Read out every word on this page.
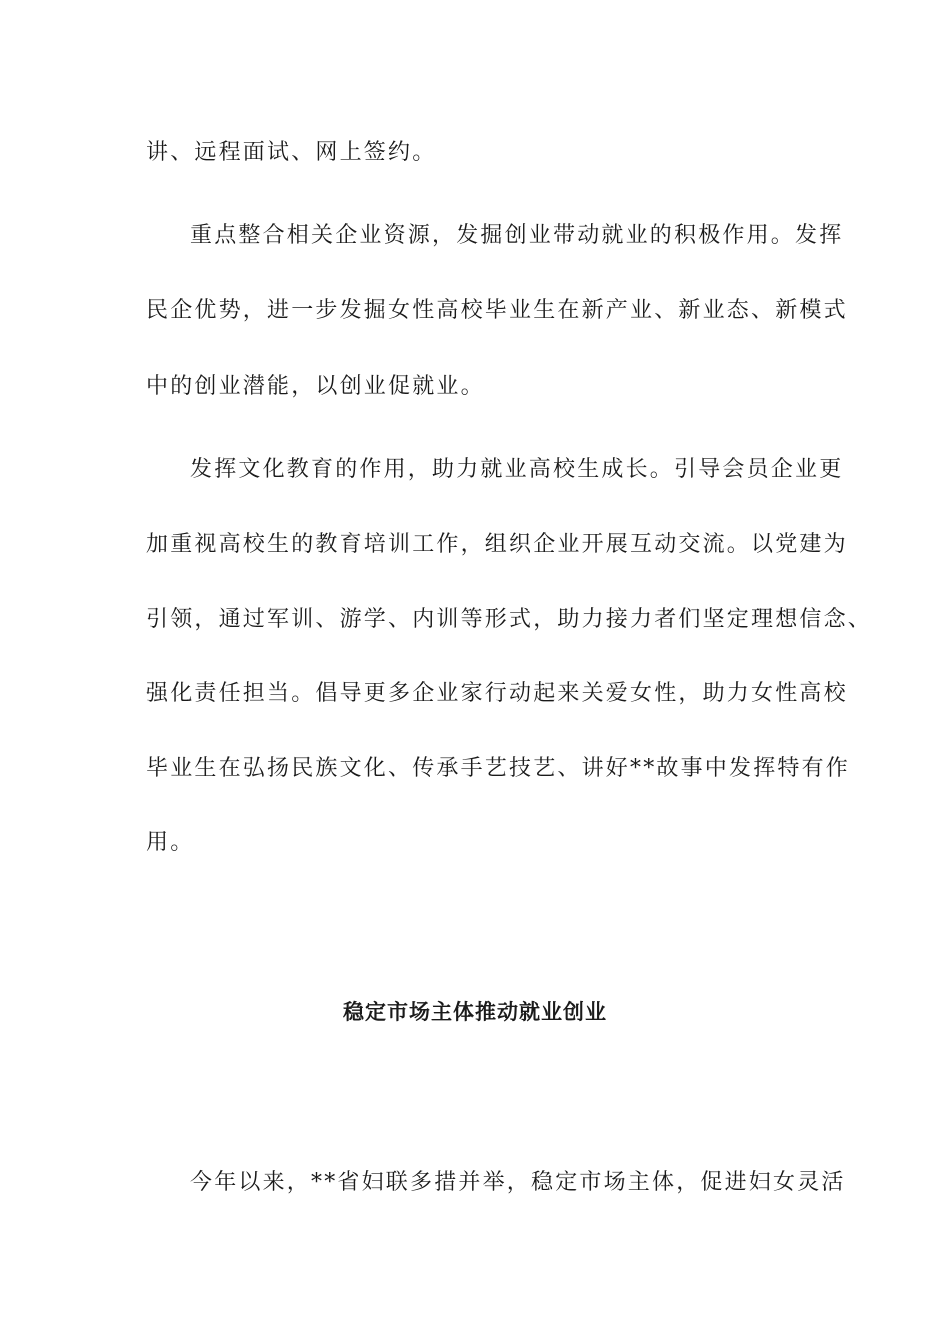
讲、远程面试、网上签约。
重点整合相关企业资源，发掘创业带动就业的积极作用。发挥
民企优势，进一步发掘女性高校毕业生在新产业、新业态、新模式
中的创业潜能，以创业促就业。
发挥文化教育的作用，助力就业高校生成长。引导会员企业更
加重视高校生的教育培训工作，组织企业开展互动交流。以党建为
引领，通过军训、游学、内训等形式，助力接力者们坚定理想信念、
强化责任担当。倡导更多企业家行动起来关爱女性，助力女性高校
毕业生在弘扬民族文化、传承手艺技艺、讲好**故事中发挥特有作
用。
稳定市场主体推动就业创业
今年以来，**省妇联多措并举，稳定市场主体，促进妇女灵活
